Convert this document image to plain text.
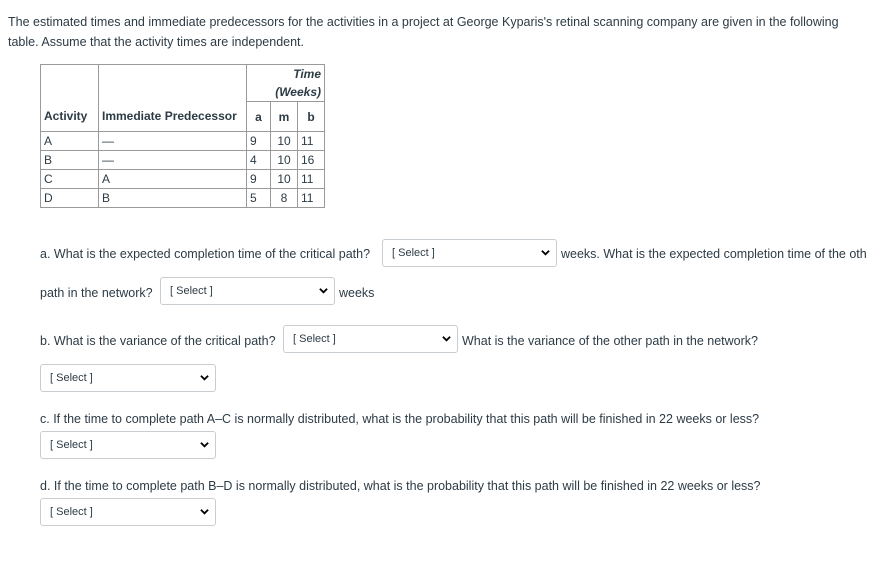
The estimated times and immediate predecessors for the activities in a project at George Kyparis's retinal scanning company are given in the following table. Assume that the activity times are independent.
		Time (Weeks)		
Activity	Immediate Predecessor	a	m	b
A	—	9	10	11
B	—	4	10	16
C	A	9	10	11
D	B	5	8	11
a. What is the expected completion time of the critical path? [ Select ]	weeks. What is the expected completion time of the oth
path in the network? [ Select ]	weeks
b. What is the variance of the critical path? [ Select ]	What is the variance of the other path in the network?
[ Select ]
c. If the time to complete path A–C is normally distributed, what is the probability that this path will be finished in 22 weeks or less?
[ Select ]
d. If the time to complete path B–D is normally distributed, what is the probability that this path will be finished in 22 weeks or less?
[ Select ]
